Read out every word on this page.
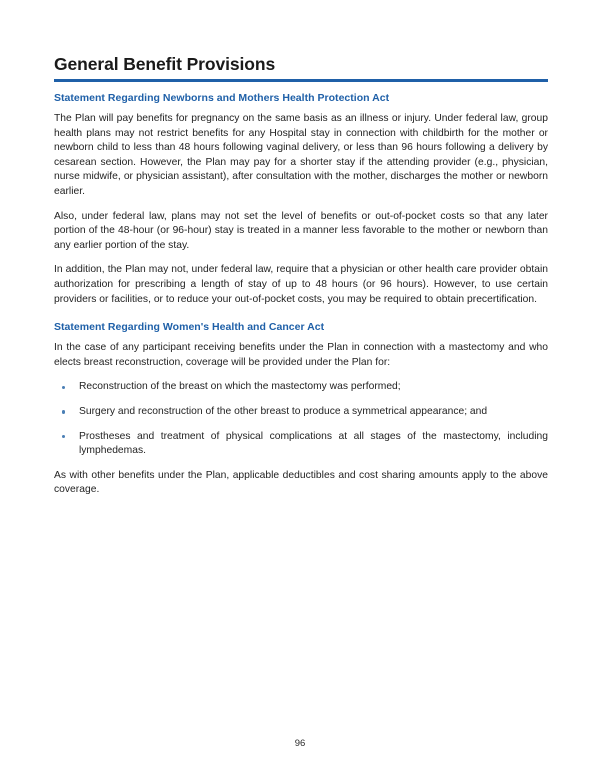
General Benefit Provisions
Statement Regarding Newborns and Mothers Health Protection Act

The Plan will pay benefits for pregnancy on the same basis as an illness or injury. Under federal law, group health plans may not restrict benefits for any Hospital stay in connection with childbirth for the mother or newborn child to less than 48 hours following vaginal delivery, or less than 96 hours following a delivery by cesarean section. However, the Plan may pay for a shorter stay if the attending provider (e.g., physician, nurse midwife, or physician assistant), after consultation with the mother, discharges the mother or newborn earlier.

Also, under federal law, plans may not set the level of benefits or out-of-pocket costs so that any later portion of the 48-hour (or 96-hour) stay is treated in a manner less favorable to the mother or newborn than any earlier portion of the stay.

In addition, the Plan may not, under federal law, require that a physician or other health care provider obtain authorization for prescribing a length of stay of up to 48 hours (or 96 hours). However, to use certain providers or facilities, or to reduce your out-of-pocket costs, you may be required to obtain precertification.

Statement Regarding Women's Health and Cancer Act

In the case of any participant receiving benefits under the Plan in connection with a mastectomy and who elects breast reconstruction, coverage will be provided under the Plan for:

Reconstruction of the breast on which the mastectomy was performed;
Surgery and reconstruction of the other breast to produce a symmetrical appearance; and
Prostheses and treatment of physical complications at all stages of the mastectomy, including lymphedemas.

As with other benefits under the Plan, applicable deductibles and cost sharing amounts apply to the above coverage.

96
